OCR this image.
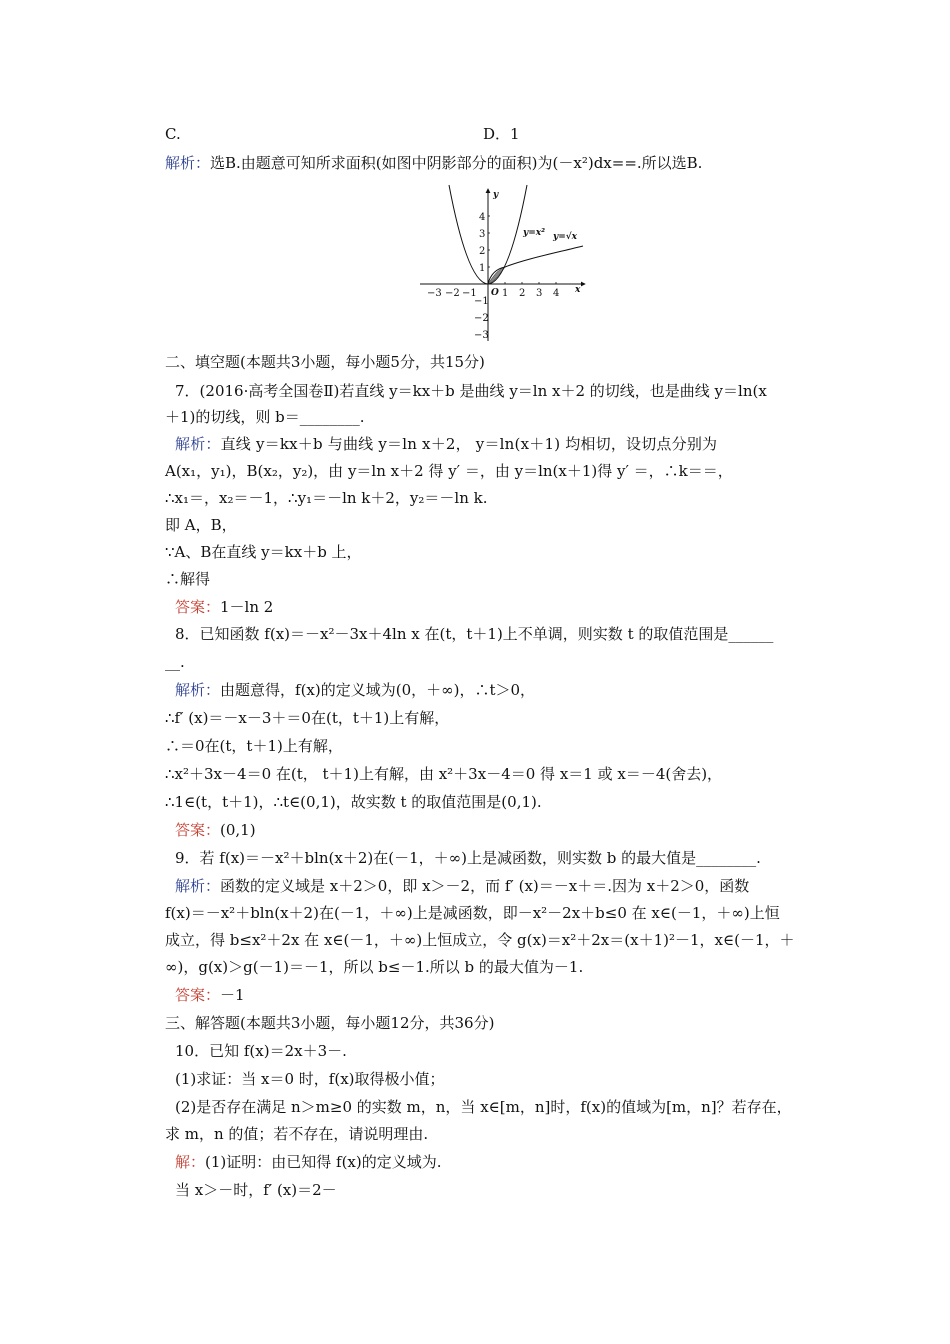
C.	D．1
解析：选B.由题意可知所求面积(如图中阴影部分的面积)为(－x²)dx==.所以选B.
−3 −2 −1	1 2 3 4
4
3
2
1
−1
−2
−3
O	x
y
y=x² y=√x
二、填空题(本题共3小题，每小题5分，共15分)
7．(2016·高考全国卷Ⅱ)若直线 y＝kx＋b 是曲线 y＝ln x＋2 的切线，也是曲线 y＝ln(x
＋1)的切线，则 b＝________.
解析：直线 y＝kx＋b 与曲线 y＝ln x＋2， y＝ln(x＋1) 均相切，设切点分别为
A(x₁，y₁)，B(x₂，y₂)，由 y＝ln x＋2 得 y′ ＝，由 y＝ln(x＋1)得 y′ ＝，∴k＝＝，
∴x₁＝，x₂＝－1，∴y₁＝－ln k＋2，y₂＝－ln k.
即 A，B，
∵A、B在直线 y＝kx＋b 上，
∴解得
答案：1－ln 2
8．已知函数 f(x)＝－x²－3x＋4ln x 在(t，t＋1)上不单调，则实数 t 的取值范围是______
__.
解析：由题意得，f(x)的定义域为(0，＋∞)，∴t＞0，
∴f′ (x)＝－x－3＋＝0在(t，t＋1)上有解，
∴＝0在(t，t＋1)上有解，
∴x²＋3x－4＝0 在(t， t＋1)上有解，由 x²＋3x－4＝0 得 x＝1 或 x＝－4(舍去)，
∴1∈(t，t＋1)，∴t∈(0,1)，故实数 t 的取值范围是(0,1).
答案：(0,1)
9．若 f(x)＝－x²＋bln(x＋2)在(－1，＋∞)上是减函数，则实数 b 的最大值是________.
解析：函数的定义域是 x＋2＞0，即 x＞－2，而 f′ (x)＝－x＋＝.因为 x＋2＞0，函数
f(x)＝－x²＋bln(x＋2)在(－1，＋∞)上是减函数，即－x²－2x＋b≤0 在 x∈(－1，＋∞)上恒
成立，得 b≤x²＋2x 在 x∈(－1，＋∞)上恒成立，令 g(x)＝x²＋2x＝(x＋1)²－1，x∈(－1，＋
∞)，g(x)＞g(－1)＝－1，所以 b≤－1.所以 b 的最大值为－1.
答案：－1
三、解答题(本题共3小题，每小题12分，共36分)
10．已知 f(x)＝2x＋3－.
(1)求证：当 x＝0 时，f(x)取得极小值；
(2)是否存在满足 n＞m≥0 的实数 m，n，当 x∈[m，n]时，f(x)的值域为[m，n]？若存在，
求 m，n 的值；若不存在，请说明理由.
解：(1)证明：由已知得 f(x)的定义域为.
当 x＞－时，f′ (x)＝2－
